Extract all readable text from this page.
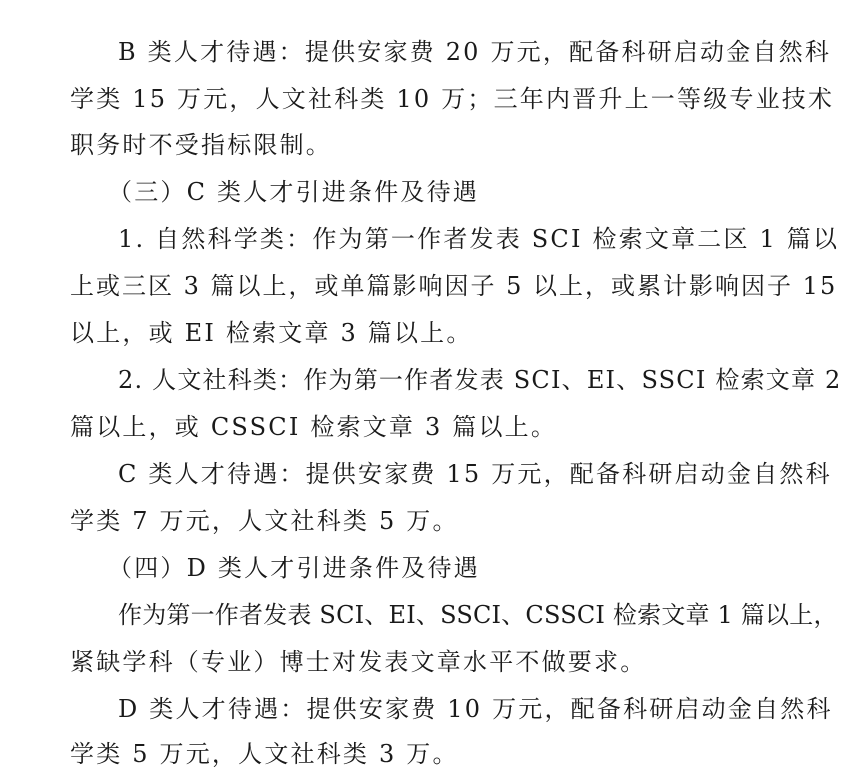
B 类人才待遇：提供安家费 20 万元，配备科研启动金自然科
学类 15 万元，人文社科类 10 万；三年内晋升上一等级专业技术
职务时不受指标限制。
（三）C 类人才引进条件及待遇
1. 自然科学类：作为第一作者发表 SCI 检索文章二区 1 篇以
上或三区 3 篇以上，或单篇影响因子 5 以上，或累计影响因子 15
以上，或 EI 检索文章 3 篇以上。
2. 人文社科类：作为第一作者发表 SCI、EI、SSCI 检索文章 2
篇以上，或 CSSCI 检索文章 3 篇以上。
C 类人才待遇：提供安家费 15 万元，配备科研启动金自然科
学类 7 万元，人文社科类 5 万。
（四）D 类人才引进条件及待遇
作为第一作者发表 SCI、EI、SSCI、CSSCI 检索文章 1 篇以上，
紧缺学科（专业）博士对发表文章水平不做要求。
D 类人才待遇：提供安家费 10 万元，配备科研启动金自然科
学类 5 万元，人文社科类 3 万。
